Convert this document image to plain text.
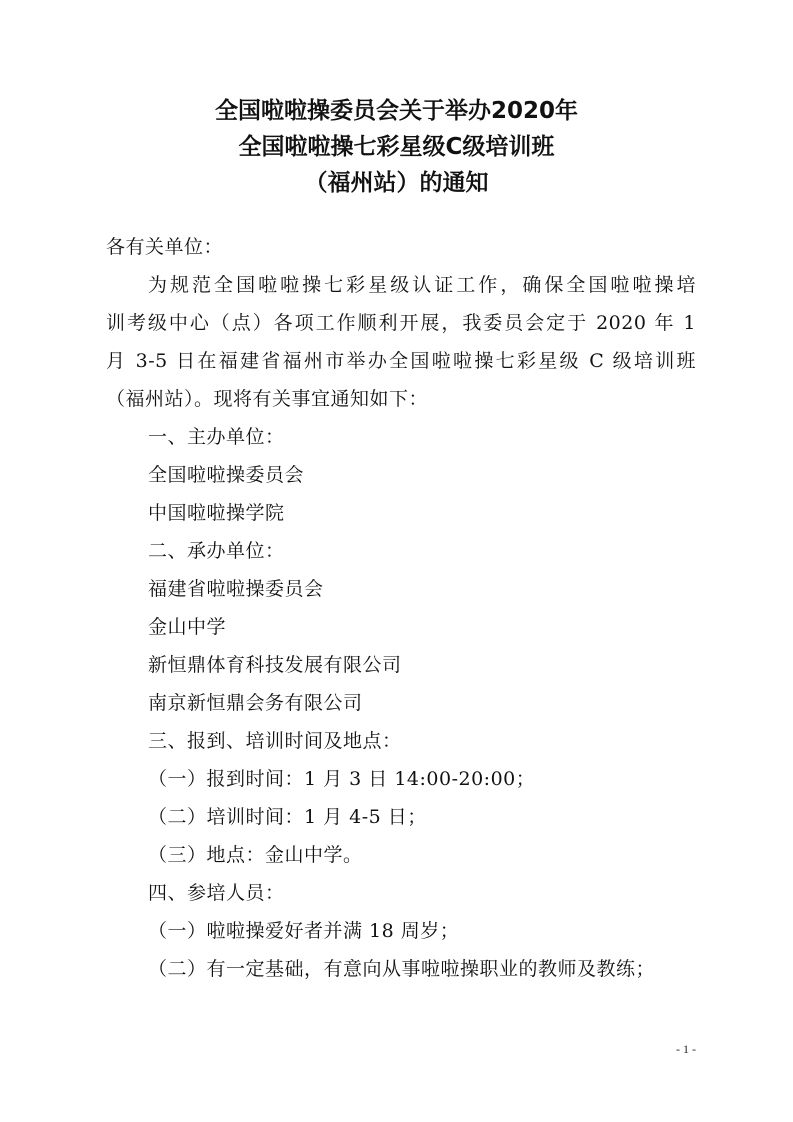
全国啦啦操委员会关于举办2020年
全国啦啦操七彩星级C级培训班
（福州站）的通知
各有关单位：
为规范全国啦啦操七彩星级认证工作，确保全国啦啦操培
训考级中心（点）各项工作顺利开展，我委员会定于 2020 年 1
月 3-5 日在福建省福州市举办全国啦啦操七彩星级 C 级培训班
（福州站）。现将有关事宜通知如下：
一、主办单位：
全国啦啦操委员会
中国啦啦操学院
二、承办单位：
福建省啦啦操委员会
金山中学
新恒鼎体育科技发展有限公司
南京新恒鼎会务有限公司
三、报到、培训时间及地点：
（一）报到时间：1 月 3 日 14:00-20:00；
（二）培训时间：1 月 4-5 日；
（三）地点：金山中学。
四、参培人员：
（一）啦啦操爱好者并满 18 周岁；
（二）有一定基础，有意向从事啦啦操职业的教师及教练；
- 1 -
